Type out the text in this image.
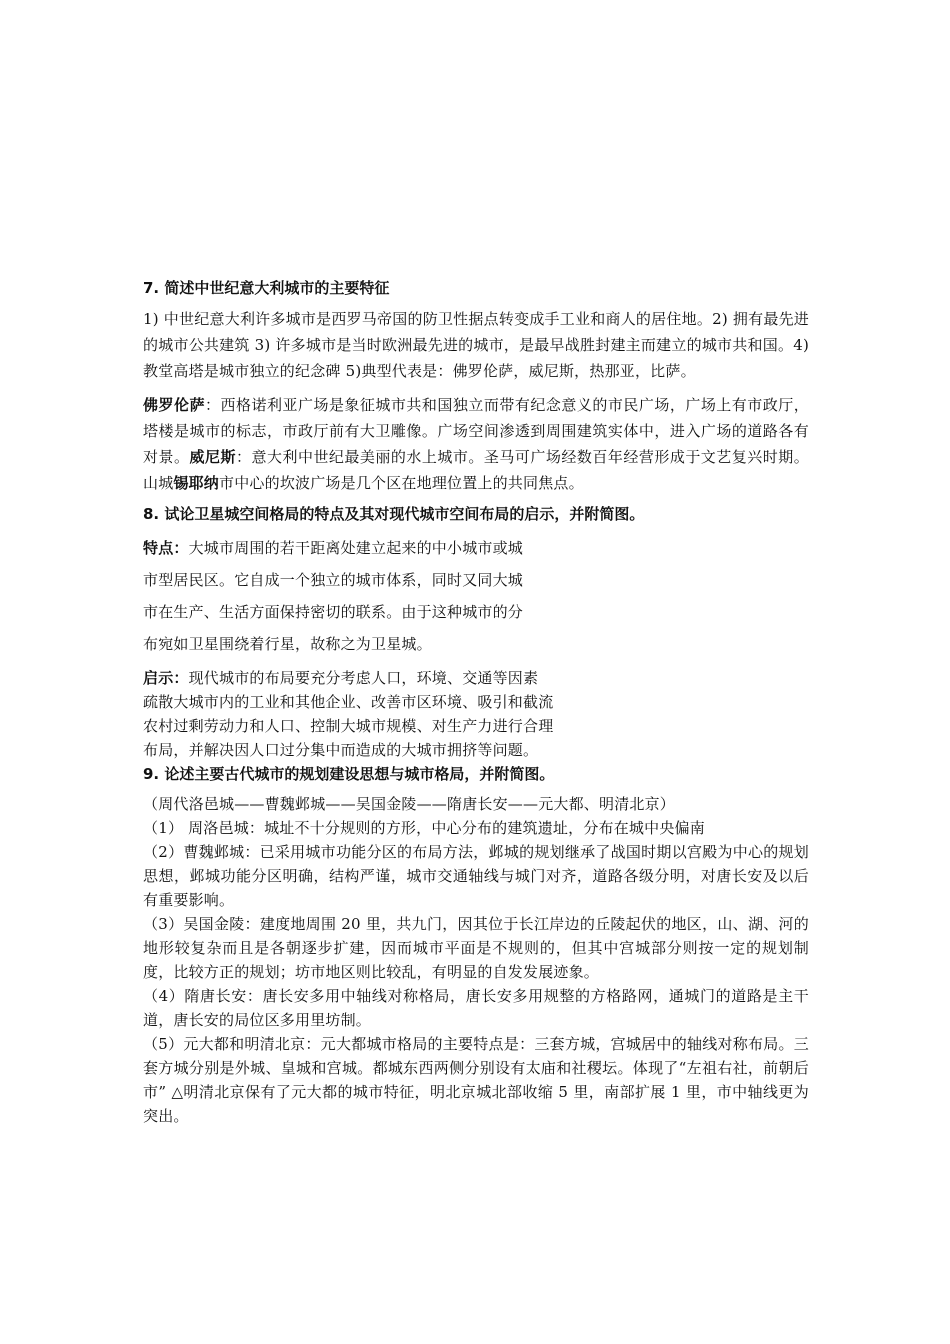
7. 简述中世纪意大利城市的主要特征

1) 中世纪意大利许多城市是西罗马帝国的防卫性据点转变成手工业和商人的居住地。2) 拥有最先进的城市公共建筑 3) 许多城市是当时欧洲最先进的城市，是最早战胜封建主而建立的城市共和国。4) 教堂高塔是城市独立的纪念碑 5)典型代表是：佛罗伦萨，威尼斯，热那亚，比萨。

佛罗伦萨：西格诺利亚广场是象征城市共和国独立而带有纪念意义的市民广场，广场上有市政厅，塔楼是城市的标志，市政厅前有大卫雕像。广场空间渗透到周围建筑实体中，进入广场的道路各有对景。威尼斯：意大利中世纪最美丽的水上城市。圣马可广场经数百年经营形成于文艺复兴时期。山城锡耶纳市中心的坎波广场是几个区在地理位置上的共同焦点。

8. 试论卫星城空间格局的特点及其对现代城市空间布局的启示，并附简图。

特点：大城市周围的若干距离处建立起来的中小城市或城

市型居民区。它自成一个独立的城市体系，同时又同大城

市在生产、生活方面保持密切的联系。由于这种城市的分

布宛如卫星围绕着行星，故称之为卫星城。

启示：现代城市的布局要充分考虑人口，环境、交通等因素

疏散大城市内的工业和其他企业、改善市区环境、吸引和截流

农村过剩劳动力和人口、控制大城市规模、对生产力进行合理

布局，并解决因人口过分集中而造成的大城市拥挤等问题。

9. 论述主要古代城市的规划建设思想与城市格局，并附简图。

（周代洛邑城——曹魏邺城——吴国金陵——隋唐长安——元大都、明清北京）

（1） 周洛邑城：城址不十分规则的方形，中心分布的建筑遗址，分布在城中央偏南

（2）曹魏邺城：已采用城市功能分区的布局方法，邺城的规划继承了战国时期以宫殿为中心的规划思想，邺城功能分区明确，结构严谨，城市交通轴线与城门对齐，道路各级分明，对唐长安及以后有重要影响。

（3）吴国金陵：建度地周围 20 里，共九门，因其位于长江岸边的丘陵起伏的地区，山、湖、河的地形较复杂而且是各朝逐步扩建，因而城市平面是不规则的，但其中宫城部分则按一定的规划制度，比较方正的规划；坊市地区则比较乱，有明显的自发发展迹象。

（4）隋唐长安：唐长安多用中轴线对称格局，唐长安多用规整的方格路网，通城门的道路是主干道，唐长安的局位区多用里坊制。

（5）元大都和明清北京：元大都城市格局的主要特点是：三套方城，宫城居中的轴线对称布局。三套方城分别是外城、皇城和宫城。都城东西两侧分别设有太庙和社稷坛。体现了“左祖右社，前朝后市” △明清北京保有了元大都的城市特征，明北京城北部收缩 5 里，南部扩展 1 里，市中轴线更为突出。
